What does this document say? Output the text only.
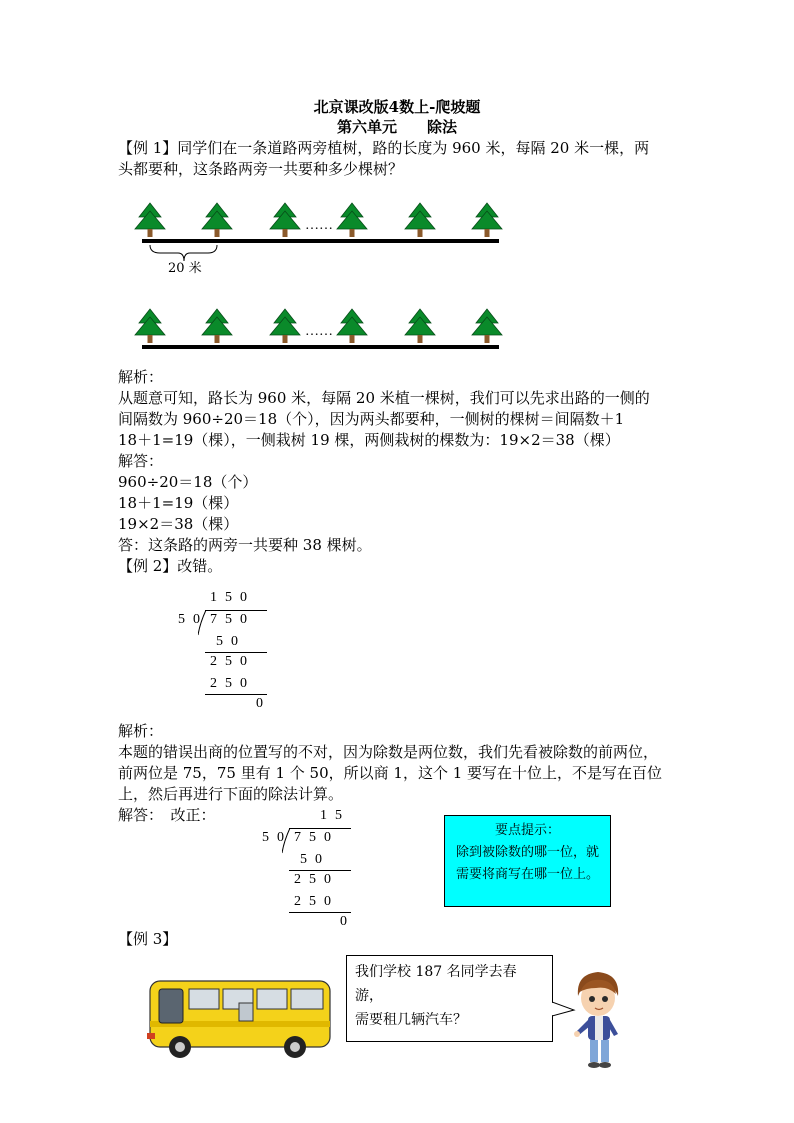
北京课改版4数上-爬坡题
第六单元　　除法
【例 1】同学们在一条道路两旁植树，路的长度为 960 米，每隔 20 米一棵，两
头都要种，这条路两旁一共要种多少棵树？
……
20 米
……
解析：
从题意可知，路长为 960 米，每隔 20 米植一棵树，我们可以先求出路的一侧的
间隔数为 960÷20＝18（个），因为两头都要种，一侧树的棵树＝间隔数＋1
18＋1=19（棵），一侧栽树 19 棵，两侧栽树的棵数为：19×2＝38（棵）
解答：
960÷20＝18（个）
18＋1=19（棵）
19×2＝38（棵）
答：这条路的两旁一共要种 38 棵树。
【例 2】改错。
150
50 750
50
250
250
0
解析：
本题的错误出商的位置写的不对，因为除数是两位数，我们先看被除数的前两位，
前两位是 75，75 里有 1 个 50，所以商 1，这个 1 要写在十位上，不是写在百位
上，然后再进行下面的除法计算。
解答：　改正：	15
50 750
50
250
250
0
要点提示：
除到被除数的哪一位，就
需要将商写在哪一位上。
【例 3】
我们学校 187 名同学去春游，
需要租几辆汽车？
